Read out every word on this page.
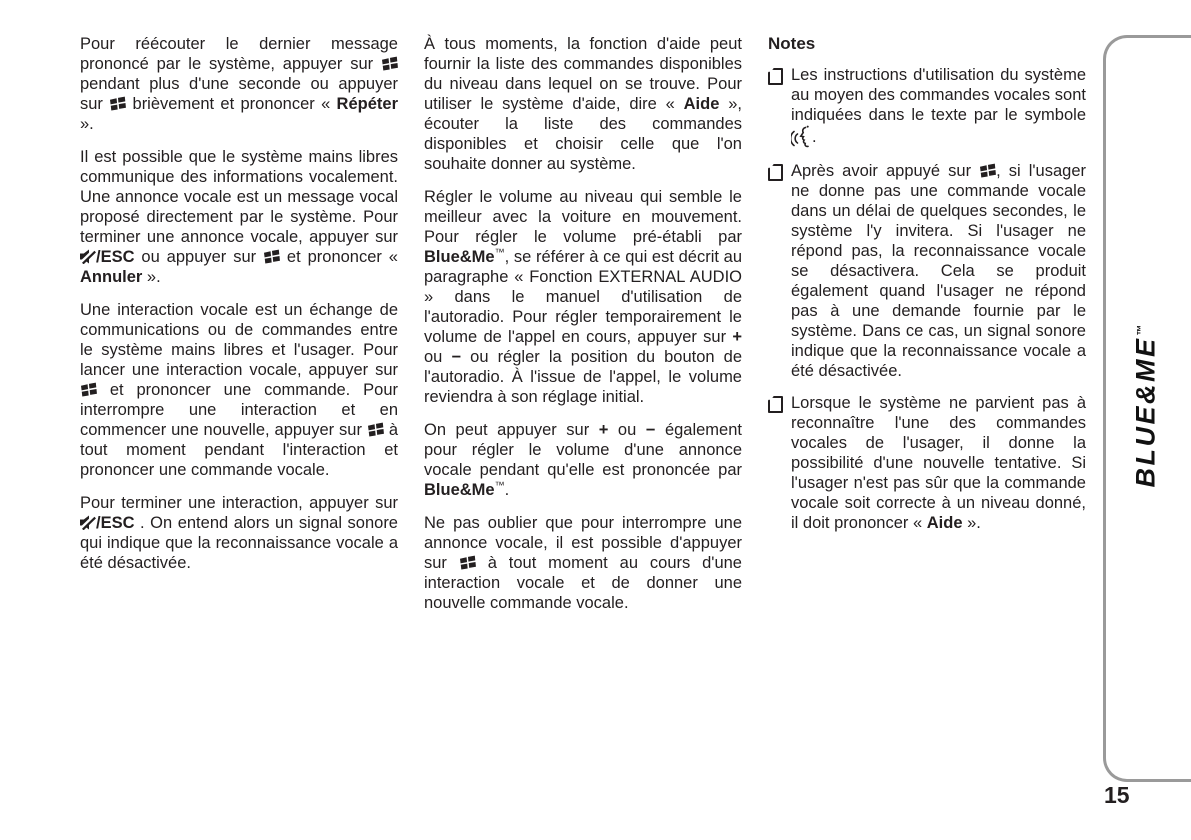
Pour réécouter le dernier message prononcé par le système, appuyer sur  pendant plus d'une seconde ou appuyer sur  brièvement et prononcer « Répéter ».

Il est possible que le système mains libres communique des informations vocalement. Une annonce vocale est un message vocal proposé directement par le système. Pour terminer une annonce vocale, appuyer sur /ESC ou appuyer sur  et prononcer « Annuler ».

Une interaction vocale est un échange de communications ou de commandes entre le système mains libres et l'usager. Pour lancer une interaction vocale, appuyer sur  et prononcer une commande. Pour interrompre une interaction et en commencer une nouvelle, appuyer sur  à tout moment pendant l'interaction et prononcer une commande vocale.

Pour terminer une interaction, appuyer sur /ESC . On entend alors un signal sonore qui indique que la reconnaissance vocale a été désactivée.

À tous moments, la fonction d'aide peut fournir la liste des commandes disponibles du niveau dans lequel on se trouve. Pour utiliser le système d'aide, dire « Aide », écouter la liste des commandes disponibles et choisir celle que l'on souhaite donner au système.

Régler le volume au niveau qui semble le meilleur avec la voiture en mouvement. Pour régler le volume pré-établi par Blue&Me™, se référer à ce qui est décrit au paragraphe « Fonction EXTERNAL AUDIO » dans le manuel d'utilisation de l'autoradio. Pour régler temporairement le volume de l'appel en cours, appuyer sur + ou − ou régler la position du bouton de l'autoradio. À l'issue de l'appel, le volume reviendra à son réglage initial.

On peut appuyer sur + ou − également pour régler le volume d'une annonce vocale pendant qu'elle est prononcée par Blue&Me™.

Ne pas oublier que pour interrompre une annonce vocale, il est possible d'appuyer sur  à tout moment au cours d'une interaction vocale et de donner une nouvelle commande vocale.

Notes

Les instructions d'utilisation du système au moyen des commandes vocales sont indiquées dans le texte par le symbole .

Après avoir appuyé sur , si l'usager ne donne pas une commande vocale dans un délai de quelques secondes, le système l'y invitera. Si l'usager ne répond pas, la reconnaissance vocale se désactivera. Cela se produit également quand l'usager ne répond pas à une demande fournie par le système. Dans ce cas, un signal sonore indique que la reconnaissance vocale a été désactivée.

Lorsque le système ne parvient pas à reconnaître l'une des commandes vocales de l'usager, il donne la possibilité d'une nouvelle tentative. Si l'usager n'est pas sûr que la commande vocale soit correcte à un niveau donné, il doit prononcer « Aide ».

BLUE&ME™
15
